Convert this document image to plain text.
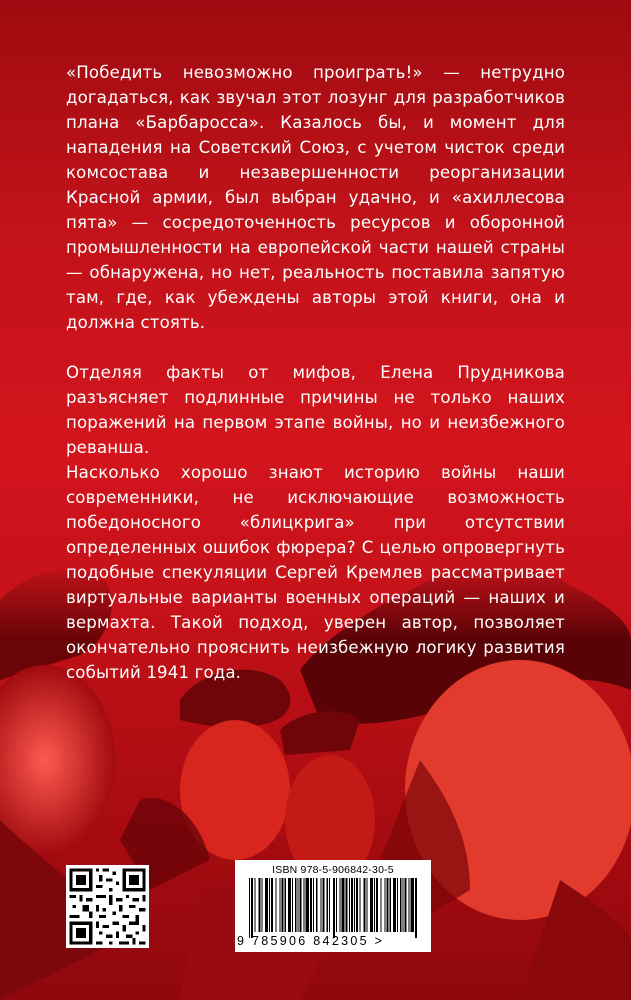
«Победить невозможно проиграть!» — нетрудно догадаться, как звучал этот лозунг для разработчиков плана «Барбаросса». Казалось бы, и момент для нападения на Советский Союз, с учетом чисток среди комсостава и незавершенности реорганизации Красной армии, был выбран удачно, и «ахиллесова пята» — сосредоточенность ресурсов и оборонной промышленности на европейской части нашей страны — обнаружена, но нет, реальность поставила запятую там, где, как убеждены авторы этой книги, она и должна стоять.

Отделяя факты от мифов, Елена Прудникова разъясняет подлинные причины не только наших поражений на первом этапе войны, но и неизбежного реванша.

Насколько хорошо знают историю войны наши современники, не исключающие возможность победоносного «блицкрига» при отсутствии определенных ошибок фюрера? С целью опровергнуть подобные спекуляции Сергей Кремлев рассматривает виртуальные варианты военных операций — наших и вермахта. Такой подход, уверен автор, позволяет окончательно прояснить неизбежную логику развития событий 1941 года.

ISBN 978-5-906842-30-5
9 785906 842305 >
